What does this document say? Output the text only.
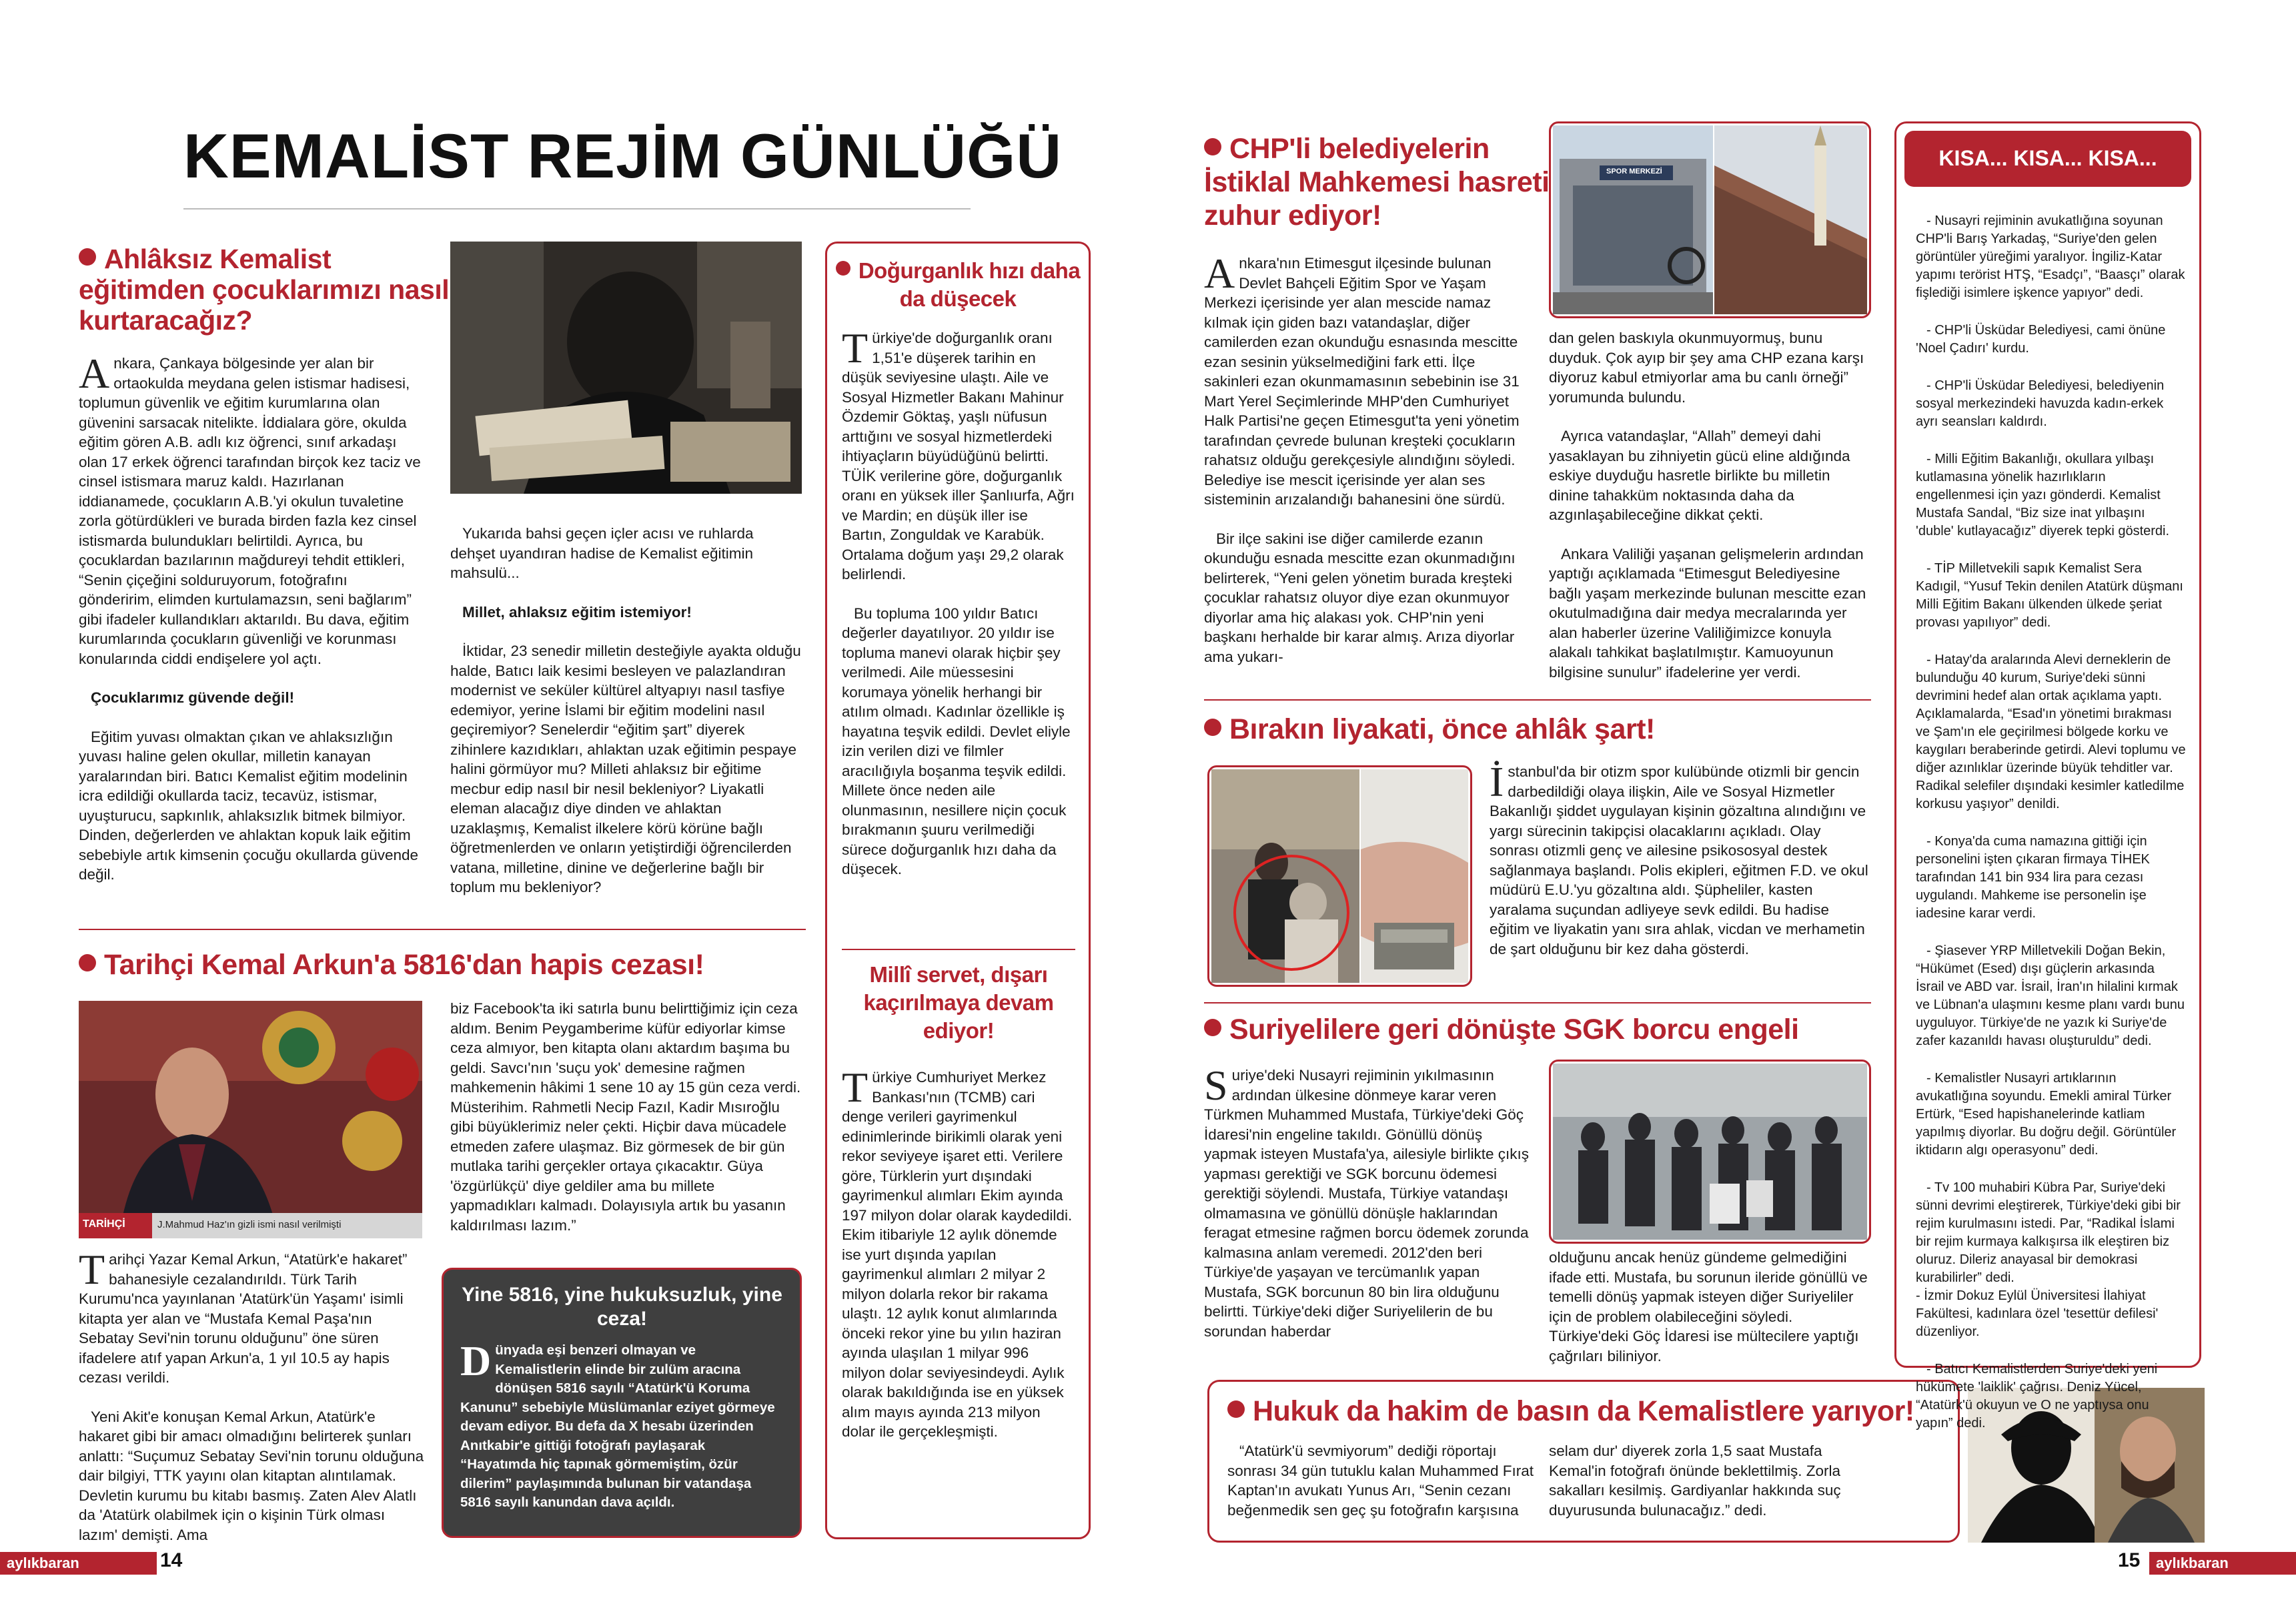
KEMALİST REJİM GÜNLÜĞÜ
Ahlâksız Kemalist eğitimden çocuklarımızı nasıl kurtaracağız?

Ankara, Çankaya bölgesinde yer alan bir ortaokulda meydana gelen istismar hadisesi, toplumun güvenlik ve eğitim kurumlarına olan güvenini sarsacak nitelikte. İddialara göre, okulda eğitim gören A.B. adlı kız öğrenci, sınıf arkadaşı olan 17 erkek öğrenci tarafından birçok kez taciz ve cinsel istismara maruz kaldı. Hazırlanan iddianamede, çocukların A.B.'yi okulun tuvaletine zorla götürdükleri ve burada birden fazla kez cinsel istismarda bulundukları belirtildi. Ayrıca, bu çocuklardan bazılarının mağdureyi tehdit ettikleri, “Senin çiçeğini solduruyorum, fotoğrafını gönderirim, elimden kurtulamazsın, seni bağlarım” gibi ifadeler kullandıkları aktarıldı. Bu dava, eğitim kurumlarında çocukların güvenliği ve korunması konularında ciddi endişelere yol açtı.

Çocuklarımız güvende değil!

Eğitim yuvası olmaktan çıkan ve ahlaksızlığın yuvası haline gelen okullar, milletin kanayan yaralarından biri. Batıcı Kemalist eğitim modelinin icra edildiği okullarda taciz, tecavüz, istismar, uyuşturucu, sapkınlık, ahlaksızlık bitmek bilmiyor. Dinden, değerlerden ve ahlaktan kopuk laik eğitim sebebiyle artık kimsenin çocuğu okullarda güvende değil.

Yukarıda bahsi geçen içler acısı ve ruhlarda dehşet uyandıran hadise de Kemalist eğitimin mahsulü...

Millet, ahlaksız eğitim istemiyor!

İktidar, 23 senedir milletin desteğiyle ayakta olduğu halde, Batıcı laik kesimi besleyen ve palazlandıran modernist ve seküler kültürel altyapıyı nasıl tasfiye edemiyor, yerine İslami bir eğitim modelini nasıl geçiremiyor? Senelerdir “eğitim şart” diyerek zihinlere kazıdıkları, ahlaktan uzak eğitimin pespaye halini görmüyor mu? Milleti ahlaksız bir eğitime mecbur edip nasıl bir nesil bekleniyor? Liyakatli eleman alacağız diye dinden ve ahlaktan uzaklaşmış, Kemalist ilkelere körü körüne bağlı öğretmenlerden ve onların yetiştirdiği öğrencilerden vatana, milletine, dinine ve değerlerine bağlı bir toplum mu bekleniyor?

Doğurganlık hızı daha da düşecek

Türkiye'de doğurganlık oranı 1,51'e düşerek tarihin en düşük seviyesine ulaştı. Aile ve Sosyal Hizmetler Bakanı Mahinur Özdemir Göktaş, yaşlı nüfusun arttığını ve sosyal hizmetlerdeki ihtiyaçların büyüdüğünü belirtti. TÜİK verilerine göre, doğurganlık oranı en yüksek iller Şanlıurfa, Ağrı ve Mardin; en düşük iller ise Bartın, Zonguldak ve Karabük. Ortalama doğum yaşı 29,2 olarak belirlendi.

Bu topluma 100 yıldır Batıcı değerler dayatılıyor. 20 yıldır ise topluma manevi olarak hiçbir şey verilmedi. Aile müessesini korumaya yönelik herhangi bir atılım olmadı. Kadınlar özellikle iş hayatına teşvik edildi. Devlet eliyle izin verilen dizi ve filmler aracılığıyla boşanma teşvik edildi. Millete önce neden aile olunmasının, nesillere niçin çocuk bırakmanın şuuru verilmediği sürece doğurganlık hızı daha da düşecek.

Millî servet, dışarı kaçırılmaya devam ediyor!

Türkiye Cumhuriyet Merkez Bankası'nın (TCMB) cari denge verileri gayrimenkul edinimlerinde birikimli olarak yeni rekor seviyeye işaret etti. Verilere göre, Türklerin yurt dışındaki gayrimenkul alımları Ekim ayında 197 milyon dolar olarak kaydedildi. Ekim itibariyle 12 aylık dönemde ise yurt dışında yapılan gayrimenkul alımları 2 milyar 2 milyon dolarla rekor bir rakama ulaştı. 12 aylık konut alımlarında önceki rekor yine bu yılın haziran ayında ulaşılan 1 milyar 996 milyon dolar seviyesindeydi. Aylık olarak bakıldığında ise en yüksek alım mayıs ayında 213 milyon dolar ile gerçekleşmişti.

Tarihçi Kemal Arkun'a 5816'dan hapis cezası!
TARİHÇİ	J.Mahmud Haz'ın gizli ismi nasıl verilmişti

Tarihçi Yazar Kemal Arkun, “Atatürk'e hakaret” bahanesiyle cezalandırıldı. Türk Tarih Kurumu'nca yayınlanan 'Atatürk'ün Yaşamı' isimli kitapta yer alan ve “Mustafa Kemal Paşa'nın Sebatay Sevi'nin torunu olduğunu” öne süren ifadelere atıf yapan Arkun'a, 1 yıl 10.5 ay hapis cezası verildi.

Yeni Akit'e konuşan Kemal Arkun, Atatürk'e hakaret gibi bir amacı olmadığını belirterek şunları anlattı: “Suçumuz Sebatay Sevi'nin torunu olduğuna dair bilgiyi, TTK yayını olan kitaptan alıntılamak. Devletin kurumu bu kitabı basmış. Zaten Alev Alatlı da 'Atatürk olabilmek için o kişinin Türk olması lazım' demişti. Ama

biz Facebook'ta iki satırla bunu belirttiğimiz için ceza aldım. Benim Peygamberime küfür ediyorlar kimse ceza almıyor, ben kitapta olanı aktardım başıma bu geldi. Savcı'nın 'suçu yok' demesine rağmen mahkemenin hâkimi 1 sene 10 ay 15 gün ceza verdi. Müsterihim. Rahmetli Necip Fazıl, Kadir Mısıroğlu gibi büyüklerimiz neler çekti. Hiçbir dava mücadele etmeden zafere ulaşmaz. Biz görmesek de bir gün mutlaka tarihi gerçekler ortaya çıkacaktır. Güya 'özgürlükçü' diye geldiler ama bu millete yapmadıkları kalmadı. Dolayısıyla artık bu yasanın kaldırılması lazım.”

Yine 5816, yine hukuksuzluk, yine ceza!
Dünyada eşi benzeri olmayan ve Kemalistlerin elinde bir zulüm aracına dönüşen 5816 sayılı “Atatürk'ü Koruma Kanunu” sebebiyle Müslümanlar eziyet görmeye devam ediyor. Bu defa da X hesabı üzerinden Anıtkabir'e gittiği fotoğrafı paylaşarak “Hayatımda hiç tapınak görmemiştim, özür dilerim” paylaşımında bulunan bir vatandaşa 5816 sayılı kanundan dava açıldı.
aylıkbaran	14
CHP'li belediyelerin İstiklal Mahkemesi hasreti zuhur ediyor!
SPOR MERKEZİ

Ankara'nın Etimesgut ilçesinde bulunan Devlet Bahçeli Eğitim Spor ve Yaşam Merkezi içerisinde yer alan mescide namaz kılmak için giden bazı vatandaşlar, diğer camilerden ezan okunduğu esnasında mescitte ezan sesinin yükselmediğini fark etti. İlçe sakinleri ezan okunmamasının sebebinin ise 31 Mart Yerel Seçimlerinde MHP'den Cumhuriyet Halk Partisi'ne geçen Etimesgut'ta yeni yönetim tarafından çevrede bulunan kreşteki çocukların rahatsız olduğu gerekçesiyle alındığını söyledi. Belediye ise mescit içerisinde yer alan ses sisteminin arızalandığı bahanesini öne sürdü.

Bir ilçe sakini ise diğer camilerde ezanın okunduğu esnada mescitte ezan okunmadığını belirterek, “Yeni gelen yönetim burada kreşteki çocuklar rahatsız oluyor diye ezan okunmuyor diyorlar ama hiç alakası yok. CHP'nin yeni başkanı herhalde bir karar almış. Arıza diyorlar ama yukarı-

dan gelen baskıyla okunmuyormuş, bunu duyduk. Çok ayıp bir şey ama CHP ezana karşı diyoruz kabul etmiyorlar ama bu canlı örneği” yorumunda bulundu.

Ayrıca vatandaşlar, “Allah” demeyi dahi yasaklayan bu zihniyetin gücü eline aldığında eskiye duyduğu hasretle birlikte bu milletin dinine tahakküm noktasında daha da azgınlaşabileceğine dikkat çekti.

Ankara Valiliği yaşanan gelişmelerin ardından yaptığı açıklamada “Etimesgut Belediyesine bağlı yaşam merkezinde bulunan mescitte ezan okutulmadığına dair medya mecralarında yer alan haberler üzerine Valiliğimizce konuyla alakalı tahkikat başlatılmıştır. Kamuoyunun bilgisine sunulur” ifadelerine yer verdi.

Bırakın liyakati, önce ahlâk şart!

İstanbul'da bir otizm spor kulübünde otizmli bir gencin darbedildiği olaya ilişkin, Aile ve Sosyal Hizmetler Bakanlığı şiddet uygulayan kişinin gözaltına alındığını ve yargı sürecinin takipçisi olacaklarını açıkladı. Olay sonrası otizmli genç ve ailesine psikososyal destek sağlanmaya başlandı. Polis ekipleri, eğitmen F.D. ve okul müdürü E.U.'yu gözaltına aldı. Şüpheliler, kasten yaralama suçundan adliyeye sevk edildi. Bu hadise eğitim ve liyakatin yanı sıra ahlak, vicdan ve merhametin de şart olduğunu bir kez daha gösterdi.

Suriyelilere geri dönüşte SGK borcu engeli

Suriye'deki Nusayri rejiminin yıkılmasının ardından ülkesine dönmeye karar veren Türkmen Muhammed Mustafa, Türkiye'deki Göç İdaresi'nin engeline takıldı. Gönüllü dönüş yapmak isteyen Mustafa'ya, ailesiyle birlikte çıkış yapması gerektiği ve SGK borcunu ödemesi gerektiği söylendi. Mustafa, Türkiye vatandaşı olmamasına ve gönüllü dönüşle haklarından feragat etmesine rağmen borcu ödemek zorunda kalmasına anlam veremedi. 2012'den beri Türkiye'de yaşayan ve tercümanlık yapan Mustafa, SGK borcunun 80 bin lira olduğunu belirtti. Türkiye'deki diğer Suriyelilerin de bu sorundan haberdar

olduğunu ancak henüz gündeme gelmediğini ifade etti. Mustafa, bu sorunun ileride gönüllü ve temelli dönüş yapmak isteyen diğer Suriyeliler için de problem olabileceğini söyledi. Türkiye'deki Göç İdaresi ise mültecilere yaptığı çağrıları biliniyor.

Hukuk da hakim de basın da Kemalistlere yarıyor!

“Atatürk'ü sevmiyorum” dediği röportajı sonrası 34 gün tutuklu kalan Muhammed Fırat Kaptan'ın avukatı Yunus Arı, “Senin cezanı beğenmedik sen geç şu fotoğrafın karşısına

selam dur' diyerek zorla 1,5 saat Mustafa Kemal'in fotoğrafı önünde beklettilmiş. Zorla sakalları kesilmiş. Gardiyanlar hakkında suç duyurusunda bulunacağız.” dedi.

KISA... KISA... KISA...
- Nusayri rejiminin avukatlığına soyunan CHP'li Barış Yarkadaş, “Suriye'den gelen görüntüler yüreğimi yaralıyor. İngiliz-Katar yapımı terörist HTŞ, “Esadçı”, “Baasçı” olarak fişlediği isimlere işkence yapıyor” dedi.
- CHP'li Üsküdar Belediyesi, cami önüne 'Noel Çadırı' kurdu.
- CHP'li Üsküdar Belediyesi, belediyenin sosyal merkezindeki havuzda kadın-erkek ayrı seansları kaldırdı.
- Milli Eğitim Bakanlığı, okullara yılbaşı kutlamasına yönelik hazırlıkların engellenmesi için yazı gönderdi. Kemalist Mustafa Sandal, “Biz size inat yılbaşını 'duble' kutlayacağız” diyerek tepki gösterdi.
- TİP Milletvekili sapık Kemalist Sera Kadıgil, “Yusuf Tekin denilen Atatürk düşmanı Milli Eğitim Bakanı ülkenden ülkede şeriat provası yapılıyor” dedi.
- Hatay'da aralarında Alevi derneklerin de bulunduğu 40 kurum, Suriye'deki sünni devrimini hedef alan ortak açıklama yaptı. Açıklamalarda, “Esad'ın yönetimi bırakması ve Şam'ın ele geçirilmesi bölgede korku ve kaygıları beraberinde getirdi. Alevi toplumu ve diğer azınlıklar üzerinde büyük tehditler var. Radikal selefiler dışındaki kesimler katledilme korkusu yaşıyor” denildi.
- Konya'da cuma namazına gittiği için personelini işten çıkaran firmaya TİHEK tarafından 141 bin 934 lira para cezası uygulandı. Mahkeme ise personelin işe iadesine karar verdi.
- Şiasever YRP Milletvekili Doğan Bekin, “Hükümet (Esed) dışı güçlerin arkasında İsrail ve ABD var. İsrail, İran'ın hilalini kırmak ve Lübnan'a ulaşmını kesme planı vardı bunu uyguluyor. Türkiye'de ne yazık ki Suriye'de zafer kazanıldı havası oluşturuldu” dedi.
- Kemalistler Nusayri artıklarının avukatlığına soyundu. Emekli amiral Türker Ertürk, “Esed hapishanelerinde katliam yapılmış diyorlar. Bu doğru değil. Görüntüler iktidarın algı operasyonu” dedi.
- Tv 100 muhabiri Kübra Par, Suriye'deki sünni devrimi eleştirerek, Türkiye'deki gibi bir rejim kurulmasını istedi. Par, “Radikal İslami bir rejim kurmaya kalkışırsa ilk eleştiren biz oluruz. Dileriz anayasal bir demokrasi kurabilirler” dedi.
- İzmir Dokuz Eylül Üniversitesi İlahiyat Fakültesi, kadınlara özel 'tesettür defilesi' düzenliyor.
- Batıcı Kemalistlerden Suriye'deki yeni hükümete 'laiklik' çağrısı. Deniz Yücel, “Atatürk'ü okuyun ve O ne yaptıysa onu yapın” dedi.
15	aylıkbaran
